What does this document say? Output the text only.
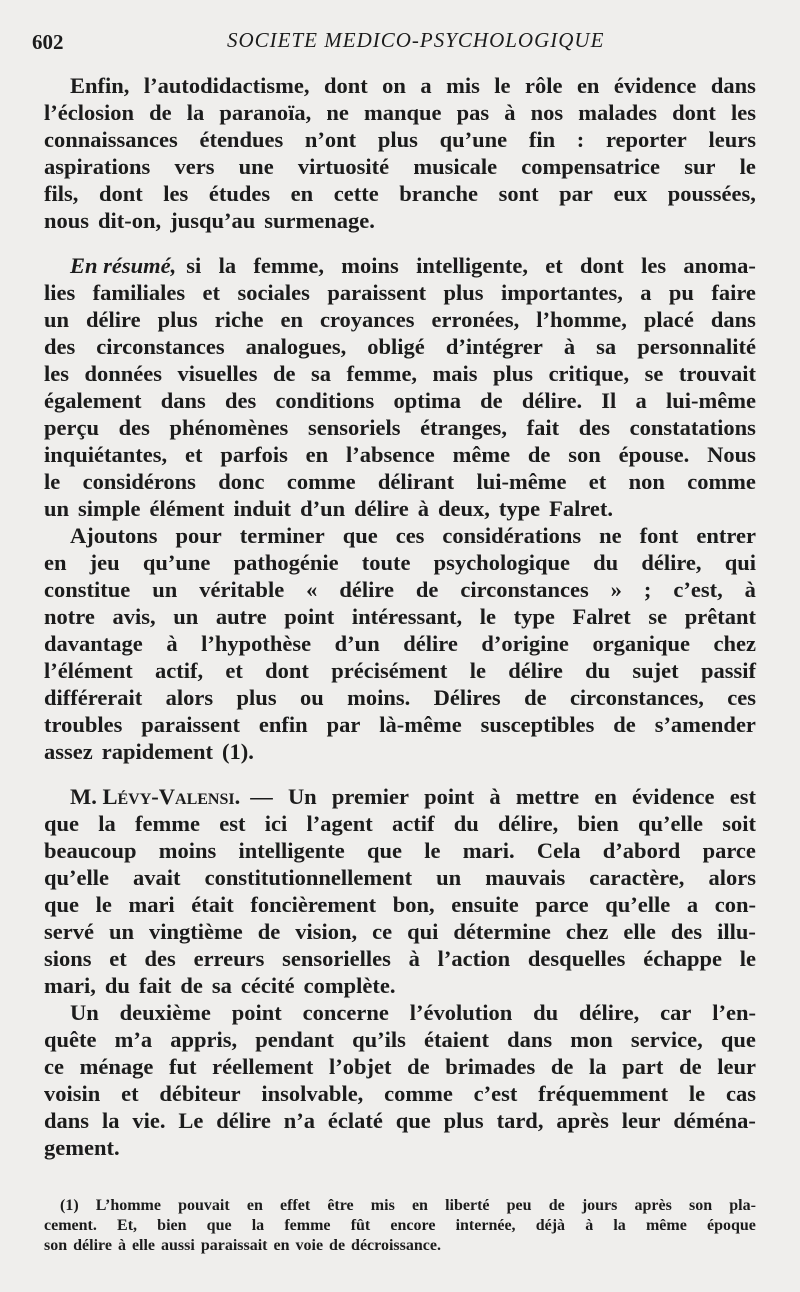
602	SOCIETE MEDICO-PSYCHOLOGIQUE
Enfin, l’autodidactisme, dont on a mis le rôle en évidence dans
l’éclosion de la paranoïa, ne manque pas à nos malades dont les
connaissances étendues n’ont plus qu’une fin : reporter leurs
aspirations vers une virtuosité musicale compensatrice sur le
fils, dont les études en cette branche sont par eux poussées,
nous dit-on, jusqu’au surmenage.
En résumé, si la femme, moins intelligente, et dont les anoma-
lies familiales et sociales paraissent plus importantes, a pu faire
un délire plus riche en croyances erronées, l’homme, placé dans
des circonstances analogues, obligé d’intégrer à sa personnalité
les données visuelles de sa femme, mais plus critique, se trouvait
également dans des conditions optima de délire. Il a lui-même
perçu des phénomènes sensoriels étranges, fait des constatations
inquiétantes, et parfois en l’absence même de son épouse. Nous
le considérons donc comme délirant lui-même et non comme
un simple élément induit d’un délire à deux, type Falret.
Ajoutons pour terminer que ces considérations ne font entrer
en jeu qu’une pathogénie toute psychologique du délire, qui
constitue un véritable « délire de circonstances » ; c’est, à
notre avis, un autre point intéressant, le type Falret se prêtant
davantage à l’hypothèse d’un délire d’origine organique chez
l’élément actif, et dont précisément le délire du sujet passif
différerait alors plus ou moins. Délires de circonstances, ces
troubles paraissent enfin par là-même susceptibles de s’amender
assez rapidement (1).
M. Lévy-Valensi. — Un premier point à mettre en évidence est
que la femme est ici l’agent actif du délire, bien qu’elle soit
beaucoup moins intelligente que le mari. Cela d’abord parce
qu’elle avait constitutionnellement un mauvais caractère, alors
que le mari était foncièrement bon, ensuite parce qu’elle a con-
servé un vingtième de vision, ce qui détermine chez elle des illu-
sions et des erreurs sensorielles à l’action desquelles échappe le
mari, du fait de sa cécité complète.
Un deuxième point concerne l’évolution du délire, car l’en-
quête m’a appris, pendant qu’ils étaient dans mon service, que
ce ménage fut réellement l’objet de brimades de la part de leur
voisin et débiteur insolvable, comme c’est fréquemment le cas
dans la vie. Le délire n’a éclaté que plus tard, après leur déména-
gement.
(1) L’homme pouvait en effet être mis en liberté peu de jours après son pla-
cement. Et, bien que la femme fût encore internée, déjà à la même époque
son délire à elle aussi paraissait en voie de décroissance.
